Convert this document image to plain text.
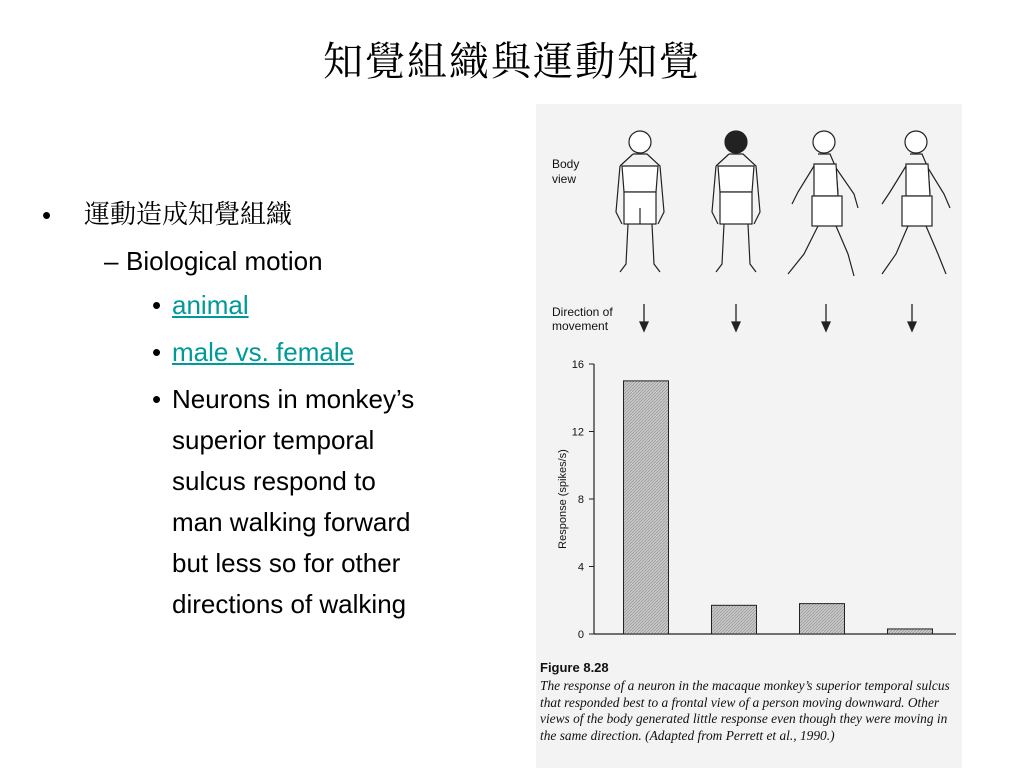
知覺組織與運動知覺
• 運動造成知覺組織
– Biological motion
• animal
• male vs. female
• Neurons in monkey’s
superior temporal
sulcus respond to
man walking forward
but less so for other
directions of walking
Body
view
Direction of
movement
0
4
8
12
16
Response (spikes/s)
Figure 8.28
The response of a neuron in the macaque monkey’s superior temporal sulcus that responded best to a frontal view of a person moving downward. Other views of the body generated little response even though they were moving in the same direction. (Adapted from Perrett et al., 1990.)
